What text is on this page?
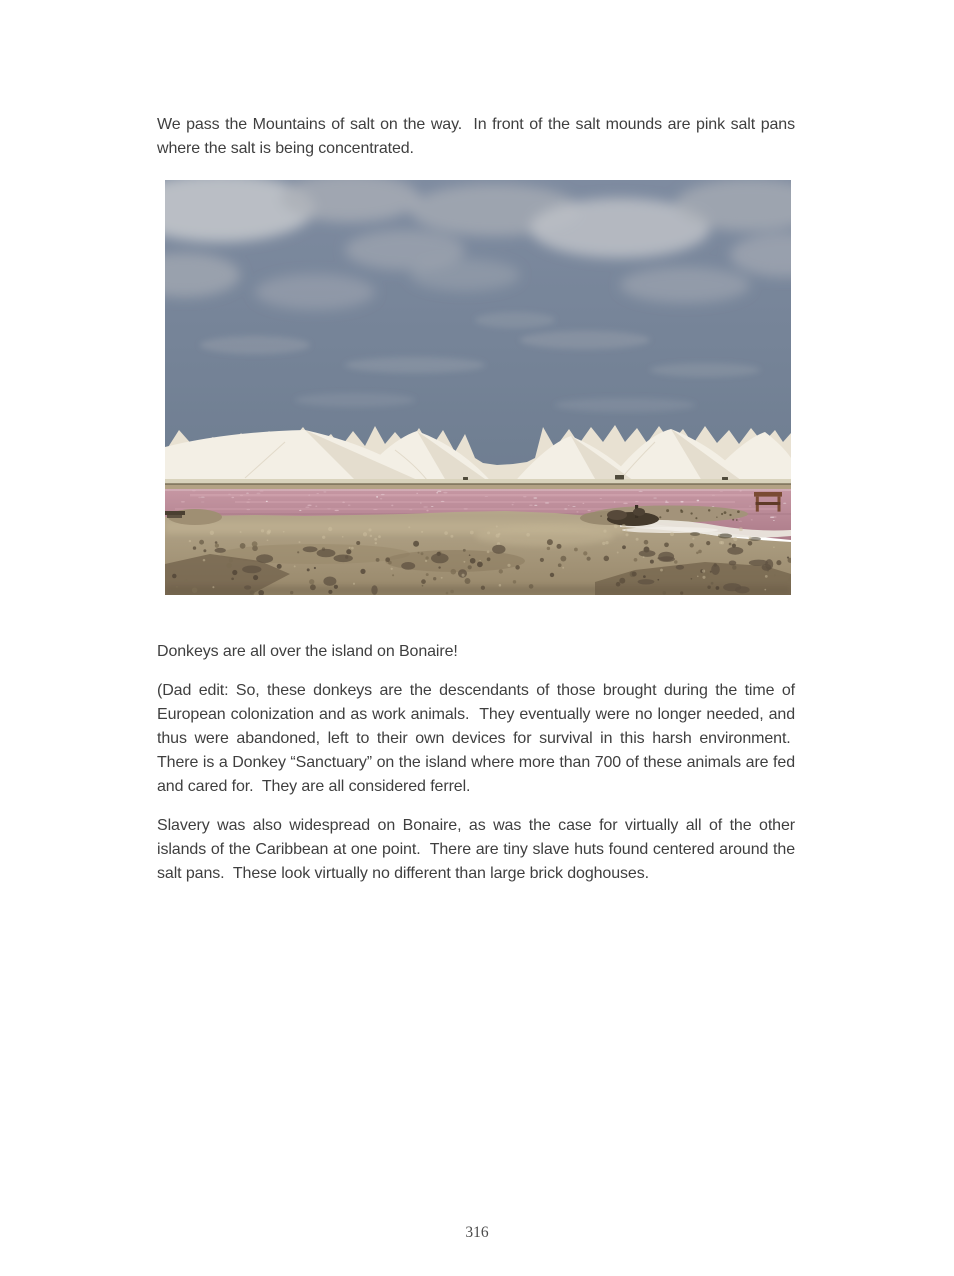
We pass the Mountains of salt on the way.  In front of the salt mounds are pink salt pans where the salt is being concentrated.

Donkeys are all over the island on Bonaire!

(Dad edit: So, these donkeys are the descendants of those brought during the time of European colonization and as work animals.  They eventually were no longer needed, and thus were abandoned, left to their own devices for survival in this harsh environment.  There is a Donkey “Sanctuary” on the island where more than 700 of these animals are fed and cared for.  They are all considered ferrel.

Slavery was also widespread on Bonaire, as was the case for virtually all of the other islands of the Caribbean at one point.  There are tiny slave huts found centered around the salt pans.  These look virtually no different than large brick doghouses.

316
